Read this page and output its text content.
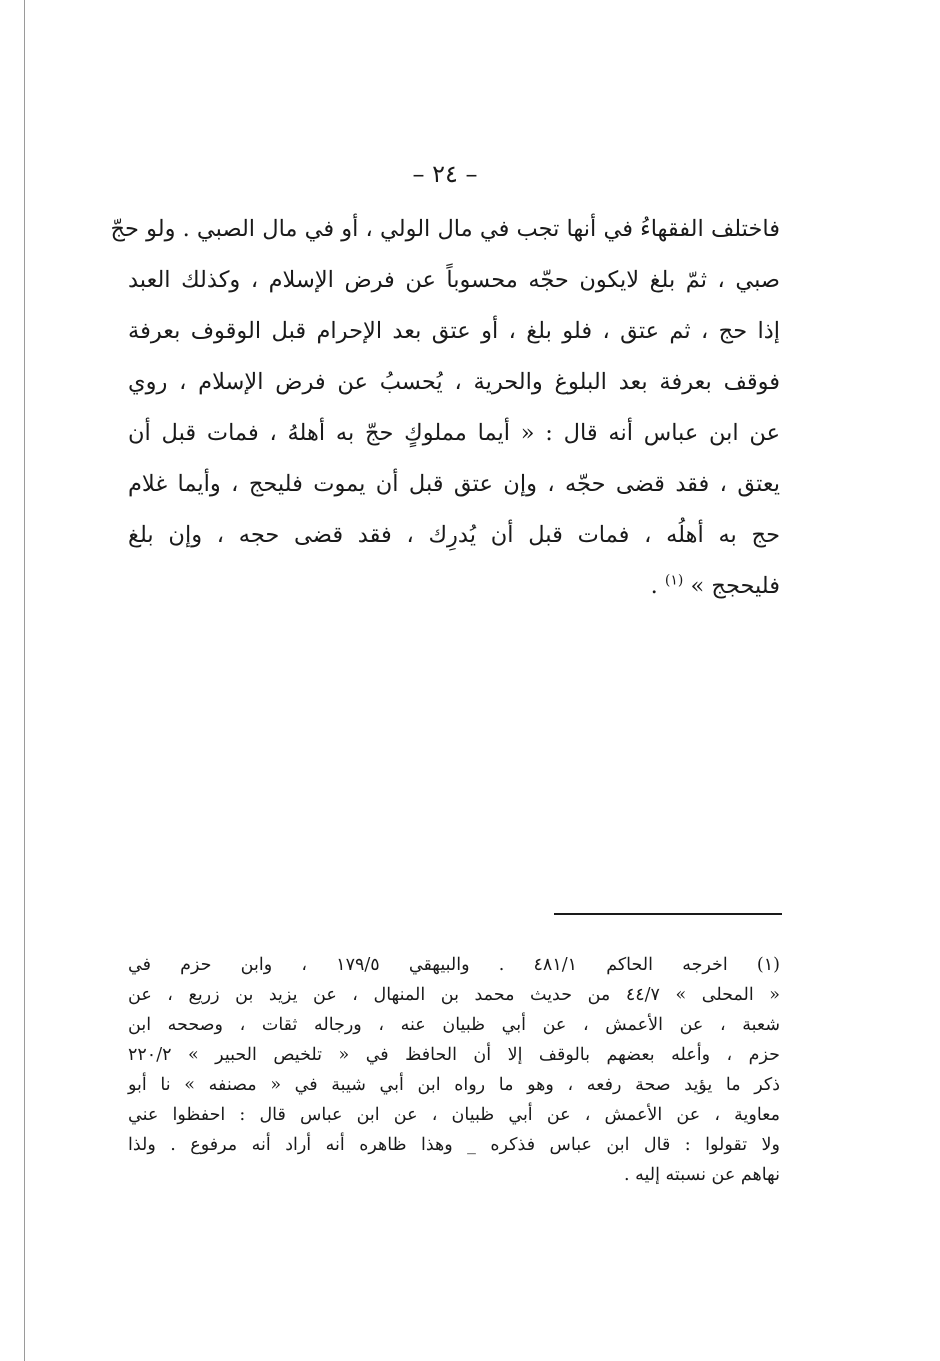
– ٢٤ –
فاختلف الفقهاءُ في أنها تجب في مال الولي ، أو في مال الصبي . ولو حجّ
صبي ، ثمّ بلغ لايكون حجّه محسوباً عن فرض الإسلام ، وكذلك العبد
إذا حج ، ثم عتق ، فلو بلغ ، أو عتق بعد الإحرام قبل الوقوف بعرفة
فوقف بعرفة بعد البلوغ والحرية ، يُحسبُ عن فرض الإسلام ، روي
عن ابن عباس أنه قال : « أيما مملوكٍ حجّ به أهلهُ ، فمات قبل أن
يعتق ، فقد قضى حجّه ، وإن عتق قبل أن يموت فليحج ، وأيما غلام
حج به أهلُه ، فمات قبل أن يُدرِك ، فقد قضى حجه ، وإن بلغ
فليحجج » $^{(١)}$ .
(١) اخرجه الحاكم ٤٨١/١ . والبيهقي ١٧٩/٥ ، وابن حزم في
« المحلى » ٤٤/٧ من حديث محمد بن المنهال ، عن يزيد بن زريع ، عن
شعبة ، عن الأعمش ، عن أبي ظبيان عنه ، ورجاله ثقات ، وصححه ابن
حزم ، وأعله بعضهم بالوقف إلا أن الحافظ في « تلخيص الحبير » ٢٢٠/٢
ذكر ما يؤيد صحة رفعه ، وهو ما رواه ابن أبي شيبة في « مصنفه » نا أبو
معاوية ، عن الأعمش ، عن أبي ظبيان ، عن ابن عباس قال : احفظوا عني
ولا تقولوا : قال ابن عباس فذكره _ وهذا ظاهره أنه أراد أنه مرفوع . ولذا
نهاهم عن نسبته إليه .
